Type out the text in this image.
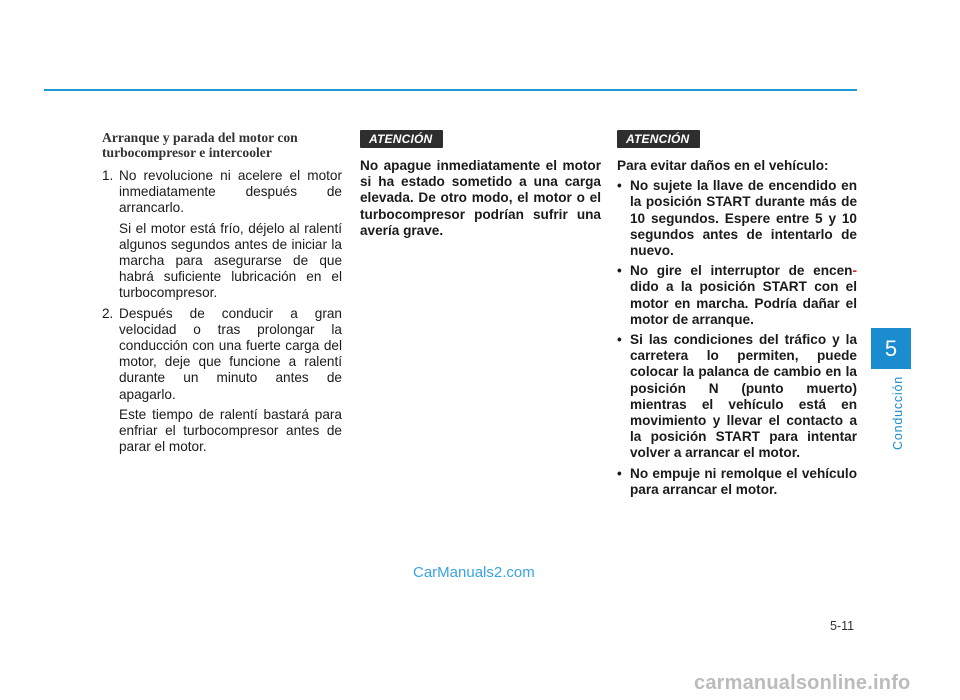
Arranque y parada del motor con
turbocompresor e intercooler
1. No revolucione ni acelere el motor inmediatamente después de arrancarlo.
Si el motor está frío, déjelo al ralentí algunos segundos antes de iniciar la marcha para asegurarse de que habrá suficiente lubricación en el turbocompresor.
2. Después de conducir a gran velocidad o tras prolongar la conducción con una fuerte carga del motor, deje que funcione a ralentí durante un minuto antes de apagarlo.
Este tiempo de ralentí bastará para enfriar el turbocompresor antes de parar el motor.
ATENCIÓN
No apague inmediatamente el motor si ha estado sometido a una carga elevada. De otro modo, el motor o el turbocompresor podrían sufrir una avería grave.
ATENCIÓN
Para evitar daños en el vehículo:
• No sujete la llave de encendido en la posición START durante más de 10 segundos. Espere entre 5 y 10 segundos antes de intentarlo de nuevo.
• No gire el interruptor de encen- dido a la posición START con el motor en marcha. Podría dañar el motor de arranque.
• Si las condiciones del tráfico y la carretera lo permiten, puede colocar la palanca de cambio en la posición N (punto muerto) mientras el vehículo está en movimiento y llevar el contacto a la posición START para intentar volver a arrancar el motor.
• No empuje ni remolque el vehículo para arrancar el motor.
5
Conducción
CarManuals2.com
5-11
carmanualsonline.info
